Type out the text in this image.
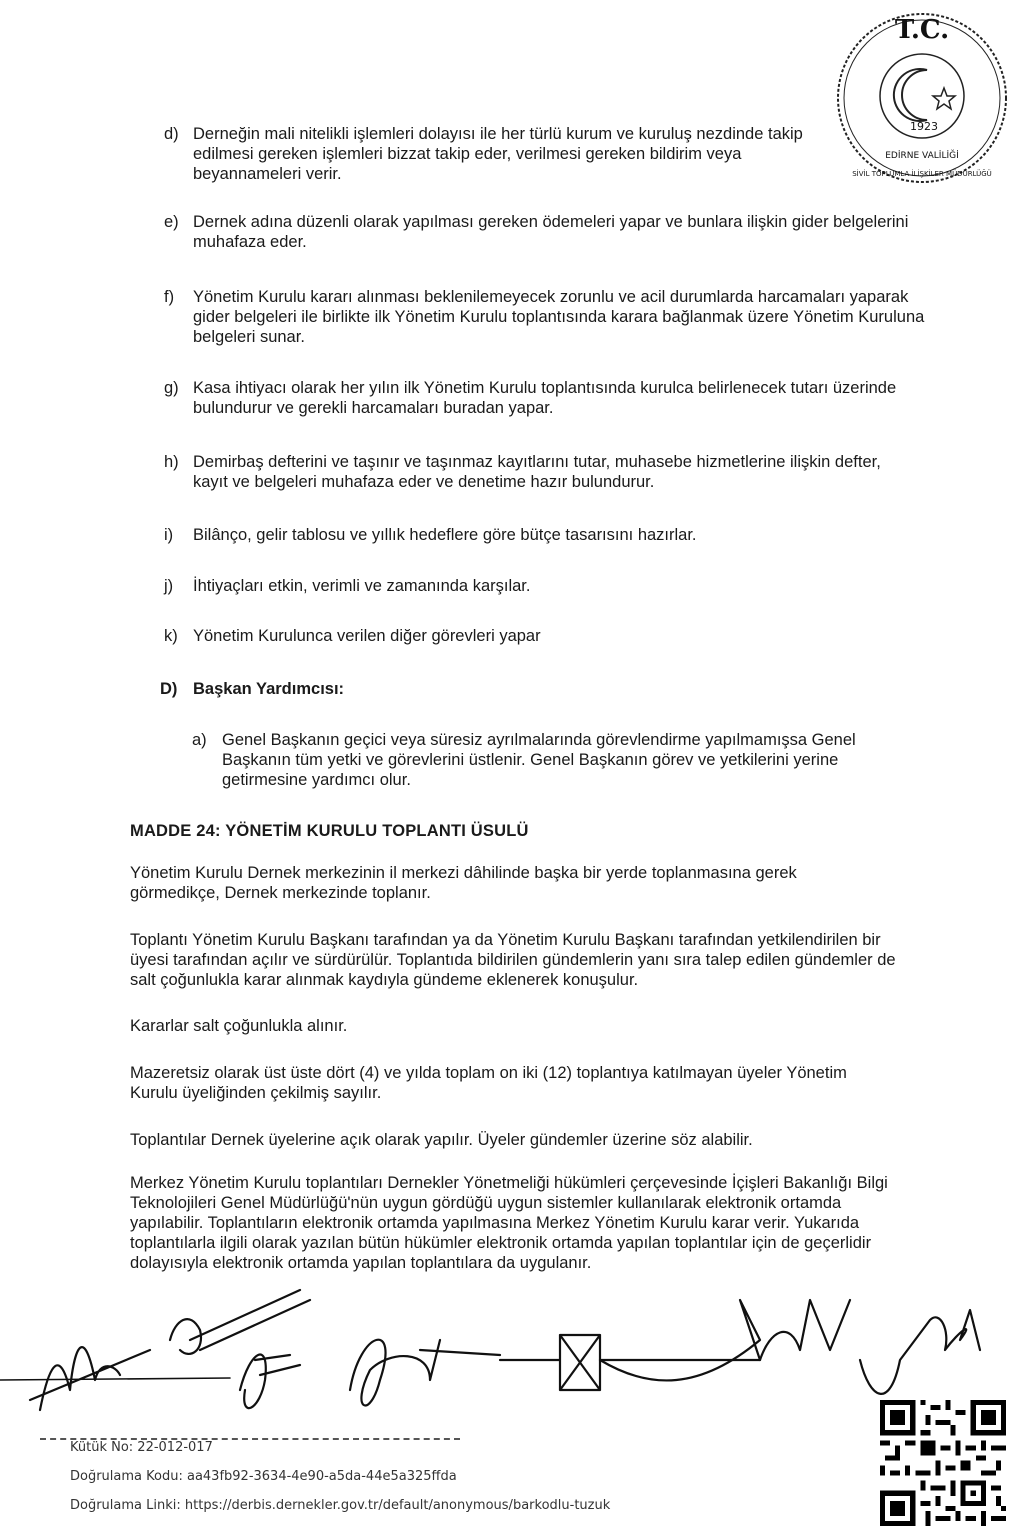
T.C.
1923
EDİRNE VALİLİĞİ
SİVİL TOPLUMLA İLİŞKİLER MÜDÜRLÜĞÜ
d) Derneğin mali nitelikli işlemleri dolayısı ile her türlü kurum ve kuruluş nezdinde takip edilmesi gereken işlemleri bizzat takip eder, verilmesi gereken bildirim veya beyannameleri verir.
e) Dernek adına düzenli olarak yapılması gereken ödemeleri yapar ve bunlara ilişkin gider belgelerini muhafaza eder.
f) Yönetim Kurulu kararı alınması beklenilemeyecek zorunlu ve acil durumlarda harcamaları yaparak gider belgeleri ile birlikte ilk Yönetim Kurulu toplantısında karara bağlanmak üzere Yönetim Kuruluna belgeleri sunar.
g) Kasa ihtiyacı olarak her yılın ilk Yönetim Kurulu toplantısında kurulca belirlenecek tutarı üzerinde bulundurur ve gerekli harcamaları buradan yapar.
h) Demirbaş defterini ve taşınır ve taşınmaz kayıtlarını tutar, muhasebe hizmetlerine ilişkin defter, kayıt ve belgeleri muhafaza eder ve denetime hazır bulundurur.
i) Bilânço, gelir tablosu ve yıllık hedeflere göre bütçe tasarısını hazırlar.
j) İhtiyaçları etkin, verimli ve zamanında karşılar.
k) Yönetim Kurulunca verilen diğer görevleri yapar
D) Başkan Yardımcısı:
a) Genel Başkanın geçici veya süresiz ayrılmalarında görevlendirme yapılmamışsa Genel Başkanın tüm yetki ve görevlerini üstlenir. Genel Başkanın görev ve yetkilerini yerine getirmesine yardımcı olur.
MADDE 24: YÖNETİM KURULU TOPLANTI ÜSULÜ
Yönetim Kurulu Dernek merkezinin il merkezi dâhilinde başka bir yerde toplanmasına gerek görmedikçe, Dernek merkezinde toplanır.
Toplantı Yönetim Kurulu Başkanı tarafından ya da Yönetim Kurulu Başkanı tarafından yetkilendirilen bir üyesi tarafından açılır ve sürdürülür. Toplantıda bildirilen gündemlerin yanı sıra talep edilen gündemler de salt çoğunlukla karar alınmak kaydıyla gündeme eklenerek konuşulur.
Kararlar salt çoğunlukla alınır.
Mazeretsiz olarak üst üste dört (4) ve yılda toplam on iki (12) toplantıya katılmayan üyeler Yönetim Kurulu üyeliğinden çekilmiş sayılır.
Toplantılar Dernek üyelerine açık olarak yapılır. Üyeler gündemler üzerine söz alabilir.
Merkez Yönetim Kurulu toplantıları Dernekler Yönetmeliği hükümleri çerçevesinde İçişleri Bakanlığı Bilgi Teknolojileri Genel Müdürlüğü'nün uygun gördüğü uygun sistemler kullanılarak elektronik ortamda yapılabilir. Toplantıların elektronik ortamda yapılmasına Merkez Yönetim Kurulu karar verir. Yukarıda toplantılarla ilgili olarak yazılan bütün hükümler elektronik ortamda yapılan toplantılar için de geçerlidir dolayısıyla elektronik ortamda yapılan toplantılara da uygulanır.
Kütük No: 22-012-017
Doğrulama Kodu: aa43fb92-3634-4e90-a5da-44e5a325ffda
Doğrulama Linki: https://derbis.dernekler.gov.tr/default/anonymous/barkodlu-tuzuk
